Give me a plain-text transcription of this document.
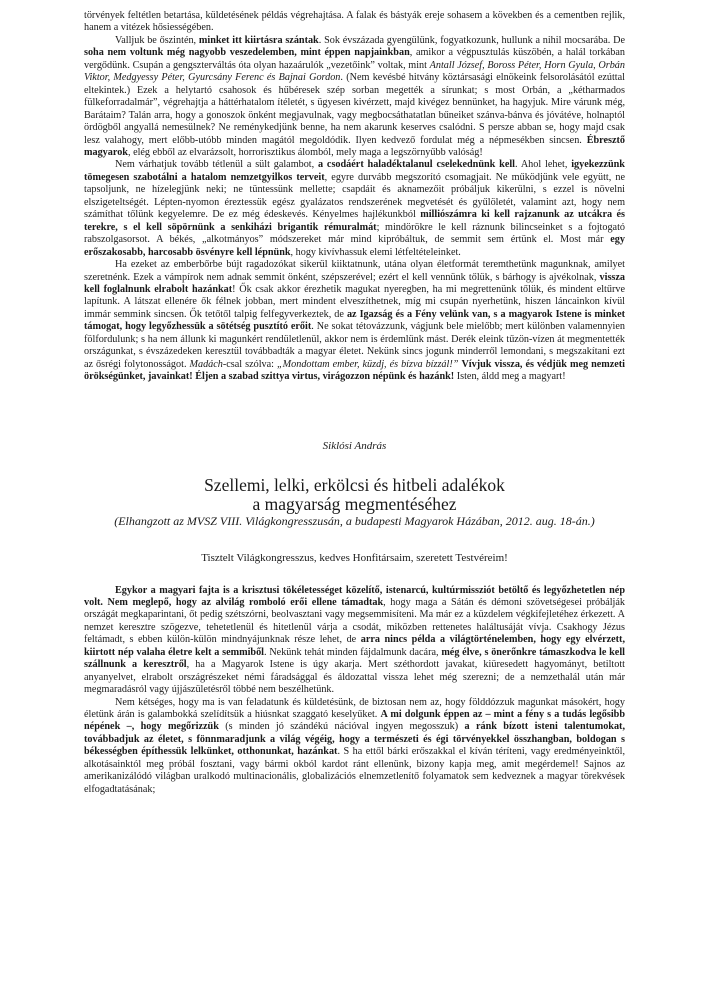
törvények feltétlen betartása, küldetésének példás végrehajtása. A falak és bástyák ereje sohasem a kövekben és a cementben rejlik, hanem a vitézek hősiességében.

Valljuk be őszintén, minket itt kiirtásra szántak. Sok évszázada gyengülünk, fogyatkozunk, hullunk a nihil mocsarába. De soha nem voltunk még nagyobb veszedelemben, mint éppen napjainkban, amikor a végpusztulás küszöbén, a halál torkában vergődünk. Csupán a gengszterváltás óta olyan hazaárulók „vezetőink” voltak, mint Antall József, Boross Péter, Horn Gyula, Orbán Viktor, Medgyessy Péter, Gyurcsány Ferenc és Bajnai Gordon. (Nem kevésbé hitvány köztársasági elnökeink felsorolásától ezúttal eltekintek.) Ezek a helytartó csahosok és hűbéresek szép sorban megették a sírunkat; s most Orbán, a „kétharmados fülkeforradalmár”, végrehajtja a háttérhatalom ítéletét, s ügyesen kivérzett, majd kivégez bennünket, ha hagyjuk. Mire várunk még, Barátaim? Talán arra, hogy a gonoszok önként megjavulnak, vagy megbocsáthatatlan bűneiket szánva-bánva és jóvátéve, holnaptól ördögből angyallá nemesülnek? Ne reménykedjünk benne, ha nem akarunk keserves csalódni. S persze abban se, hogy majd csak lesz valahogy, mert előbb-utóbb minden magától megoldódik. Ilyen kedvező fordulat még a népmesékben sincsen. Ébresztő magyarok, elég ebből az elvarázsolt, horrorisztikus álomból, mely maga a legszörnyűbb valóság!

Nem várhatjuk tovább tétlenül a sült galambot, a csodáért haladéktalanul cselekednünk kell. Ahol lehet, igyekezzünk tömegesen szabotálni a hatalom nemzetgyilkos terveit, egyre durvább megszorító csomagjait. Ne működjünk vele együtt, ne tapsoljunk, ne hízelegjünk neki; ne tüntessünk mellette; csapdáit és aknamezőit próbáljuk kikerülni, s ezzel is növelni elszigeteltségét. Lépten-nyomon éreztessük egész gyalázatos rendszerének megvetését és gyűlöletét, valamint azt, hogy nem számíthat tőlünk kegyelemre. De ez még édeskevés. Kényelmes hajlékunkból milliószámra ki kell rajzanunk az utcákra és terekre, s el kell söpörnünk a senkiházi brigantik rémuralmát; mindörökre le kell ráznunk bilincseinket s a fojtogató rabszolgasorsot. A békés, „alkotmányos” módszereket már mind kipróbáltuk, de semmit sem értünk el. Most már egy erőszakosabb, harcosabb ösvényre kell lépnünk, hogy kivívhassuk elemi létfeltételeinket.

Ha ezeket az emberbőrbe bújt ragadozókat sikerül kiiktatnunk, utána olyan életformát teremthetünk magunknak, amilyet szeretnénk. Ezek a vámpírok nem adnak semmit önként, szépszerével; ezért el kell vennünk tőlük, s bárhogy is ajvékolnak, vissza kell foglalnunk elrabolt hazánkat! Ők csak akkor érezhetik magukat nyeregben, ha mi megrettenünk tőlük, és mindent eltűrve lapítunk. A látszat ellenére ők félnek jobban, mert mindent elveszíthetnek, míg mi csupán nyerhetünk, hiszen láncainkon kívül immár semmink sincsen. Ők tetőtől talpig felfegyverkeztek, de az Igazság és a Fény velünk van, s a magyarok Istene is minket támogat, hogy legyőzhessük a sötétség pusztító erőit. Ne sokat tétovázzunk, vágjunk bele mielőbb; mert különben valamennyien fölfordulunk; s ha nem állunk ki magunkért rendületlenül, akkor nem is érdemlünk mást. Derék eleink tűzön-vízen át megmentették országunkat, s évszázedeken keresztül továbbadták a magyar életet. Nekünk sincs jogunk minderről lemondani, s megszakítani ezt az ősrégi folytonosságot. Madách-csal szólva: „Mondottam ember, küzdj, és bízva bízzál!” Vívjuk vissza, és védjük meg nemzeti örökségünket, javainkat! Éljen a szabad szittya virtus, virágozzon népünk és hazánk! Isten, áldd meg a magyart!

Siklósi András
Szellemi, lelki, erkölcsi és hitbeli adalékok
a magyarság megmentéséhez
(Elhangzott az MVSZ VIII. Világkongresszusán, a budapesti Magyarok Házában, 2012. aug. 18-án.)
Tisztelt Világkongresszus, kedves Honfitársaim, szeretett Testvéreim!

Egykor a magyari fajta is a krisztusi tökéletességet közelítő, istenarcú, kultúrmissziót betöltő és legyőzhetetlen nép volt. Nem meglepő, hogy az alvilág romboló erői ellene támadtak, hogy maga a Sátán és démoni szövetségesei próbálják országát megkaparintani, őt pedig szétszórni, beolvasztani vagy megsemmisíteni. Ma már ez a küzdelem végkifejletéhez érkezett. A nemzet keresztre szögezve, tehetetlenül és hitetlenül várja a csodát, miközben rettenetes haláltusáját vívja. Csakhogy Jézus feltámadt, s ebben külön-külön mindnyájunknak része lehet, de arra nincs példa a világtörténelemben, hogy egy elvérzett, kiirtott nép valaha életre kelt a semmiből. Nekünk tehát minden fájdalmunk dacára, még élve, s önerőnkre támaszkodva le kell szállnunk a keresztről, ha a Magyarok Istene is úgy akarja. Mert széthordott javakat, kiüresedett hagyományt, betiltott anyanyelvet, elrabolt országrészeket némi fáradsággal és áldozattal vissza lehet még szerezni; de a nemzethalál után már megmaradásról vagy újjászületésről többé nem beszélhetünk.

Nem kétséges, hogy ma is van feladatunk és küldetésünk, de biztosan nem az, hogy földdózzuk magunkat másokért, hogy életünk árán is galambokká szelídítsük a hiúsnkat szaggató keselyűket. A mi dolgunk éppen az – mint a fény s a tudás legősibb népének –, hogy megőrizzük (s minden jó szándékú nációval ingyen megosszuk) a ránk bízott isteni talentumokat, továbbadjuk az életet, s fönnmaradjunk a világ végéig, hogy a természeti és égi törvényekkel összhangban, boldogan s békességben építhessük lelkünket, otthonunkat, hazánkat. S ha ettől bárki erőszakkal el kíván téríteni, vagy eredményeinktől, alkotásainktól meg próbál fosztani, vagy bármi okból kardot ránt ellenünk, bizony kapja meg, amit megérdemel! Sajnos az amerikanizálódó világban uralkodó multinacionális, globalizációs elnemzetlenítő folyamatok sem kedveznek a magyar törekvések elfogadtatásának;
